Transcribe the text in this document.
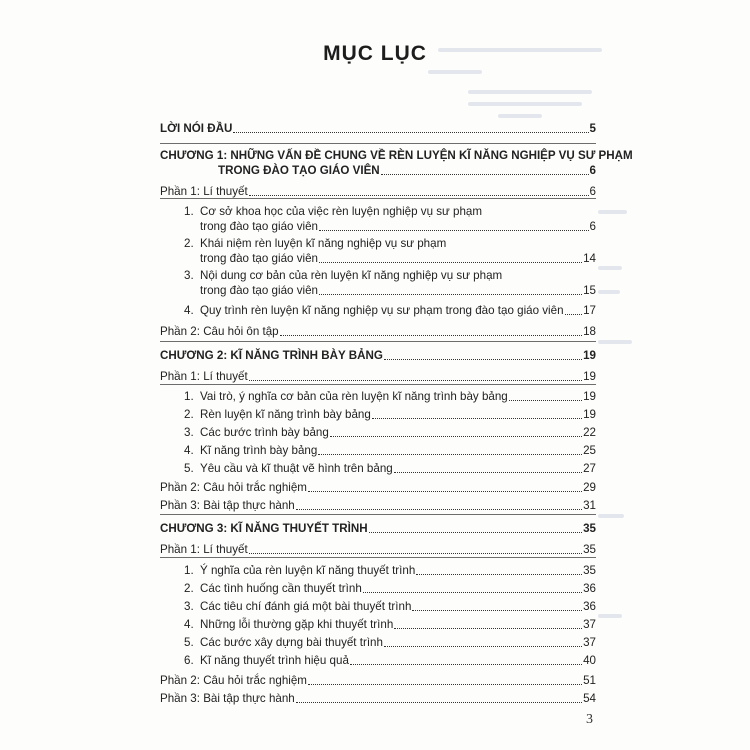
MỤC LỤC
LỜI NÓI ĐẦU	5
CHƯƠNG 1: NHỮNG VẤN ĐỀ CHUNG VỀ RÈN LUYỆN KĨ NĂNG NGHIỆP VỤ SƯ PHẠM
TRONG ĐÀO TẠO GIÁO VIÊN	6
Phần 1: Lí thuyết	6
1. Cơ sở khoa học của việc rèn luyện nghiệp vụ sư phạm
trong đào tạo giáo viên	6
2. Khái niệm rèn luyện kĩ năng nghiệp vụ sư phạm
trong đào tạo giáo viên	14
3. Nội dung cơ bản của rèn luyện kĩ năng nghiệp vụ sư phạm
trong đào tạo giáo viên	15
4. Quy trình rèn luyện kĩ năng nghiệp vụ sư phạm trong đào tạo giáo viên 17
Phần 2: Câu hỏi ôn tập	18
CHƯƠNG 2: KĨ NĂNG TRÌNH BÀY BẢNG	19
Phần 1: Lí thuyết	19
1. Vai trò, ý nghĩa cơ bản của rèn luyện kĩ năng trình bày bảng	19
2. Rèn luyện kĩ năng trình bày bảng	19
3. Các bước trình bày bảng	22
4. Kĩ năng trình bày bảng	25
5. Yêu cầu và kĩ thuật vẽ hình trên bảng	27
Phần 2: Câu hỏi trắc nghiệm	29
Phần 3: Bài tập thực hành	31
CHƯƠNG 3: KĨ NĂNG THUYẾT TRÌNH	35
Phần 1: Lí thuyết	35
1. Ý nghĩa của rèn luyện kĩ năng thuyết trình	35
2. Các tình huống cần thuyết trình	36
3. Các tiêu chí đánh giá một bài thuyết trình	36
4. Những lỗi thường gặp khi thuyết trình	37
5. Các bước xây dựng bài thuyết trình	37
6. Kĩ năng thuyết trình hiệu quả	40
Phần 2: Câu hỏi trắc nghiệm	51
Phần 3: Bài tập thực hành	54
3
